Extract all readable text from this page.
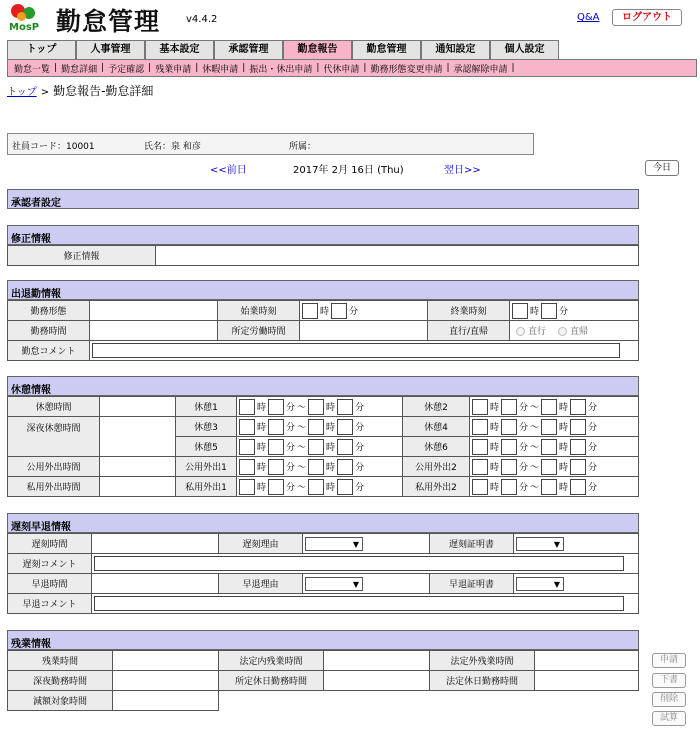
MosP 勤怠管理	v4.4.2	Q&A	ログアウト
トップ	人事管理	基本設定	承認管理	勤怠報告	勤怠管理	通知設定	個人設定
勤怠一覧 | 勤怠詳細 | 予定確認 | 残業申請 | 休暇申請 | 振出・休出申請 | 代休申請 | 勤務形態変更申請 | 承認解除申請 |
トップ > 勤怠報告-勤怠詳細
社員コード：10001	氏名：泉 和彦	所属：
<<前日	2017年 2月 16日 (Thu)	翌日>>	今日
承認者設定
修正情報
修正情報	
出退勤情報
勤務形態		始業時刻	時 分	終業時刻	時 分

勤務時間		所定労働時間		直行/直帰	直行 直帰
勤怠コメント					
休憩情報
休憩時間		休憩1	時 分 ～ 時 分	休憩2	時 分 ～ 時 分

深夜休憩時間		休憩3	時 分 ～ 時 分	休憩4	時 分 ～ 時 分

		休憩5	時 分 ～ 時 分	休憩6	時 分 ～ 時 分

公用外出時間		公用外出1	時 分 ～ 時 分	公用外出2	時 分 ～ 時 分

私用外出時間		私用外出1	時 分 ～ 時 分	私用外出2	時 分 ～ 時 分
遅刻早退情報
遅刻時間		遅刻理由	▼	遅刻証明書	▼

遅刻コメント					

早退時間		早退理由	▼	早退証明書	▼

早退コメント					
残業情報
残業時間		法定内残業時間		法定外残業時間	
深夜勤務時間		所定休日勤務時間		法定休日勤務時間	
減額対象時間					
申請
下書
削除
試算
